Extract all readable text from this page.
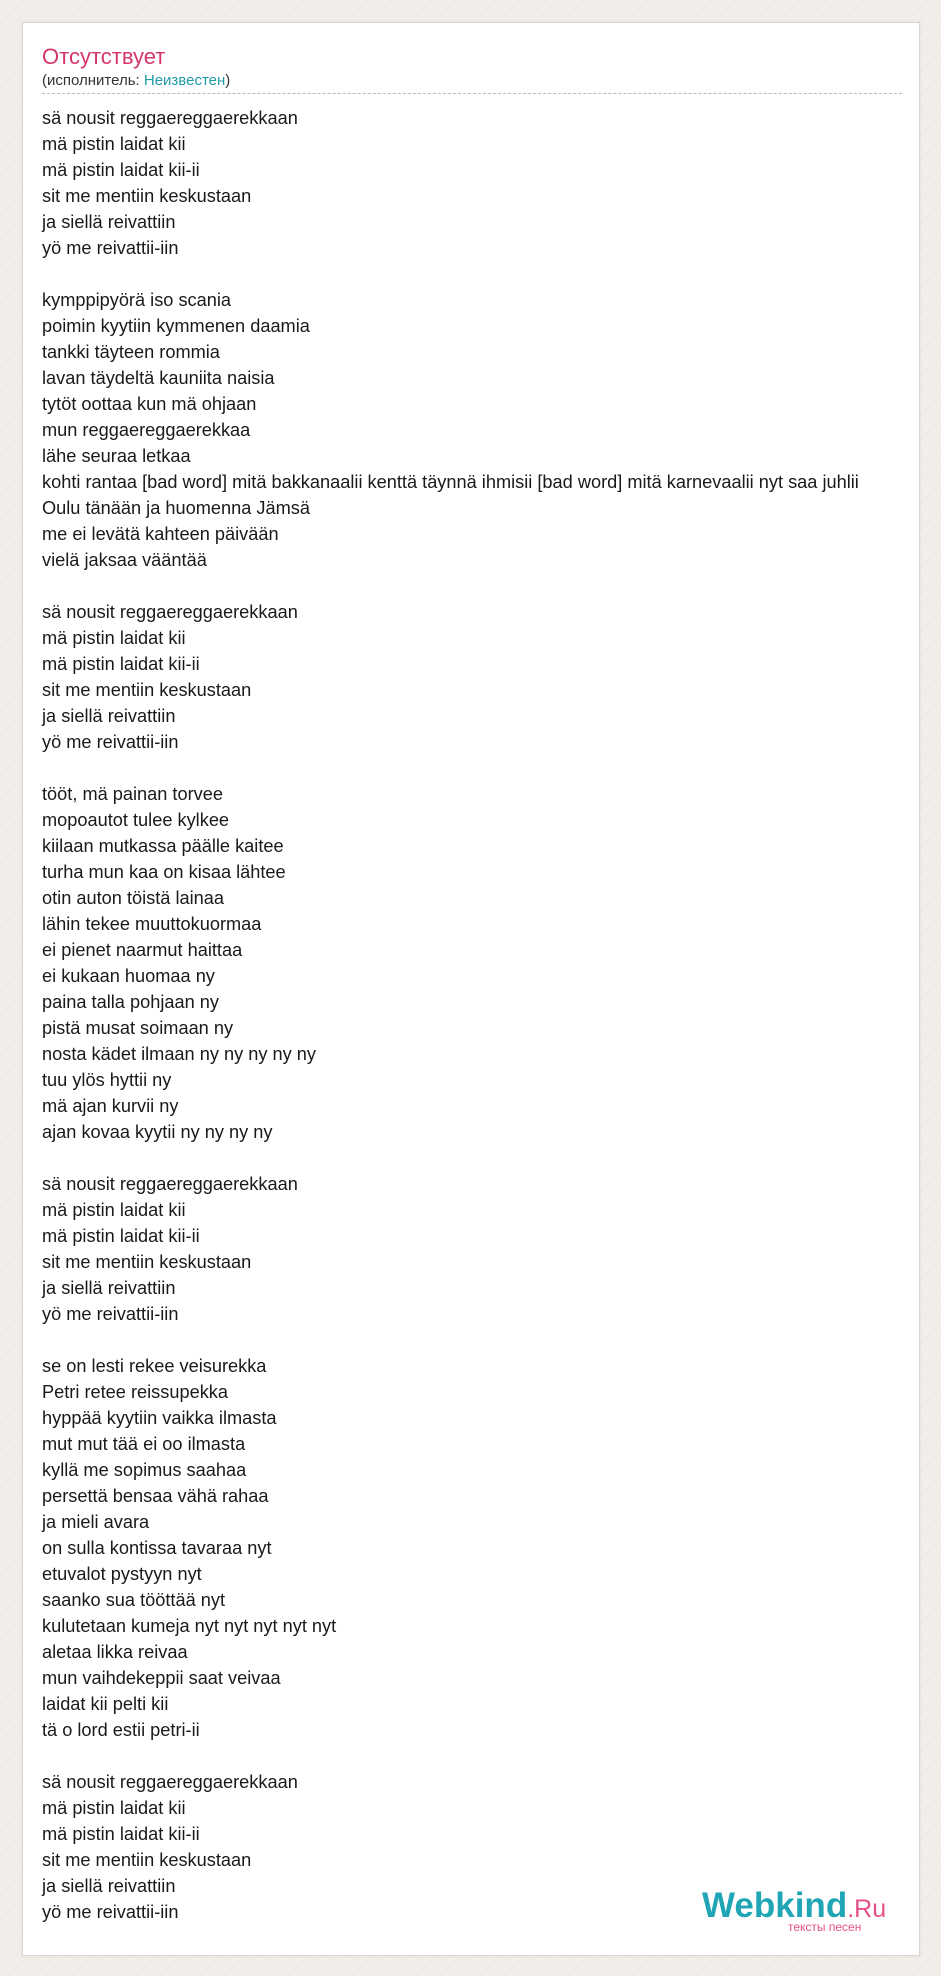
Отсутствует
(исполнитель: Неизвестен)
sä nousit reggaereggaerekkaan
mä pistin laidat kii
mä pistin laidat kii-ii
sit me mentiin keskustaan
ja siellä reivattiin
yö me reivattii-iin
kymppipyörä iso scania
poimin kyytiin kymmenen daamia
tankki täyteen rommia
lavan täydeltä kauniita naisia
tytöt oottaa kun mä ohjaan
mun reggaereggaerekkaa
lähe seuraa letkaa
kohti rantaa [bad word] mitä bakkanaalii kenttä täynnä ihmisii [bad word] mitä karnevaalii nyt saa juhlii
Oulu tänään ja huomenna Jämsä
me ei levätä kahteen päivään
vielä jaksaa vääntää
sä nousit reggaereggaerekkaan
mä pistin laidat kii
mä pistin laidat kii-ii
sit me mentiin keskustaan
ja siellä reivattiin
yö me reivattii-iin
tööt, mä painan torvee
mopoautot tulee kylkee
kiilaan mutkassa päälle kaitee
turha mun kaa on kisaa lähtee
otin auton töistä lainaa
lähin tekee muuttokuormaa
ei pienet naarmut haittaa
ei kukaan huomaa ny
paina talla pohjaan ny
pistä musat soimaan ny
nosta kädet ilmaan ny ny ny ny ny
tuu ylös hyttii ny
mä ajan kurvii ny
ajan kovaa kyytii ny ny ny ny
sä nousit reggaereggaerekkaan
mä pistin laidat kii
mä pistin laidat kii-ii
sit me mentiin keskustaan
ja siellä reivattiin
yö me reivattii-iin
se on lesti rekee veisurekka
Petri retee reissupekka
hyppää kyytiin vaikka ilmasta
mut mut tää ei oo ilmasta
kyllä me sopimus saahaa
persettä bensaa vähä rahaa
ja mieli avara
on sulla kontissa tavaraa nyt
etuvalot pystyyn nyt
saanko sua tööttää nyt
kulutetaan kumeja nyt nyt nyt nyt nyt
aletaa likka reivaa
mun vaihdekeppii saat veivaa
laidat kii pelti kii
tä o lord estii petri-ii
sä nousit reggaereggaerekkaan
mä pistin laidat kii
mä pistin laidat kii-ii
sit me mentiin keskustaan
ja siellä reivattiin
yö me reivattii-iin	Webkind.Ru
тексты песен
